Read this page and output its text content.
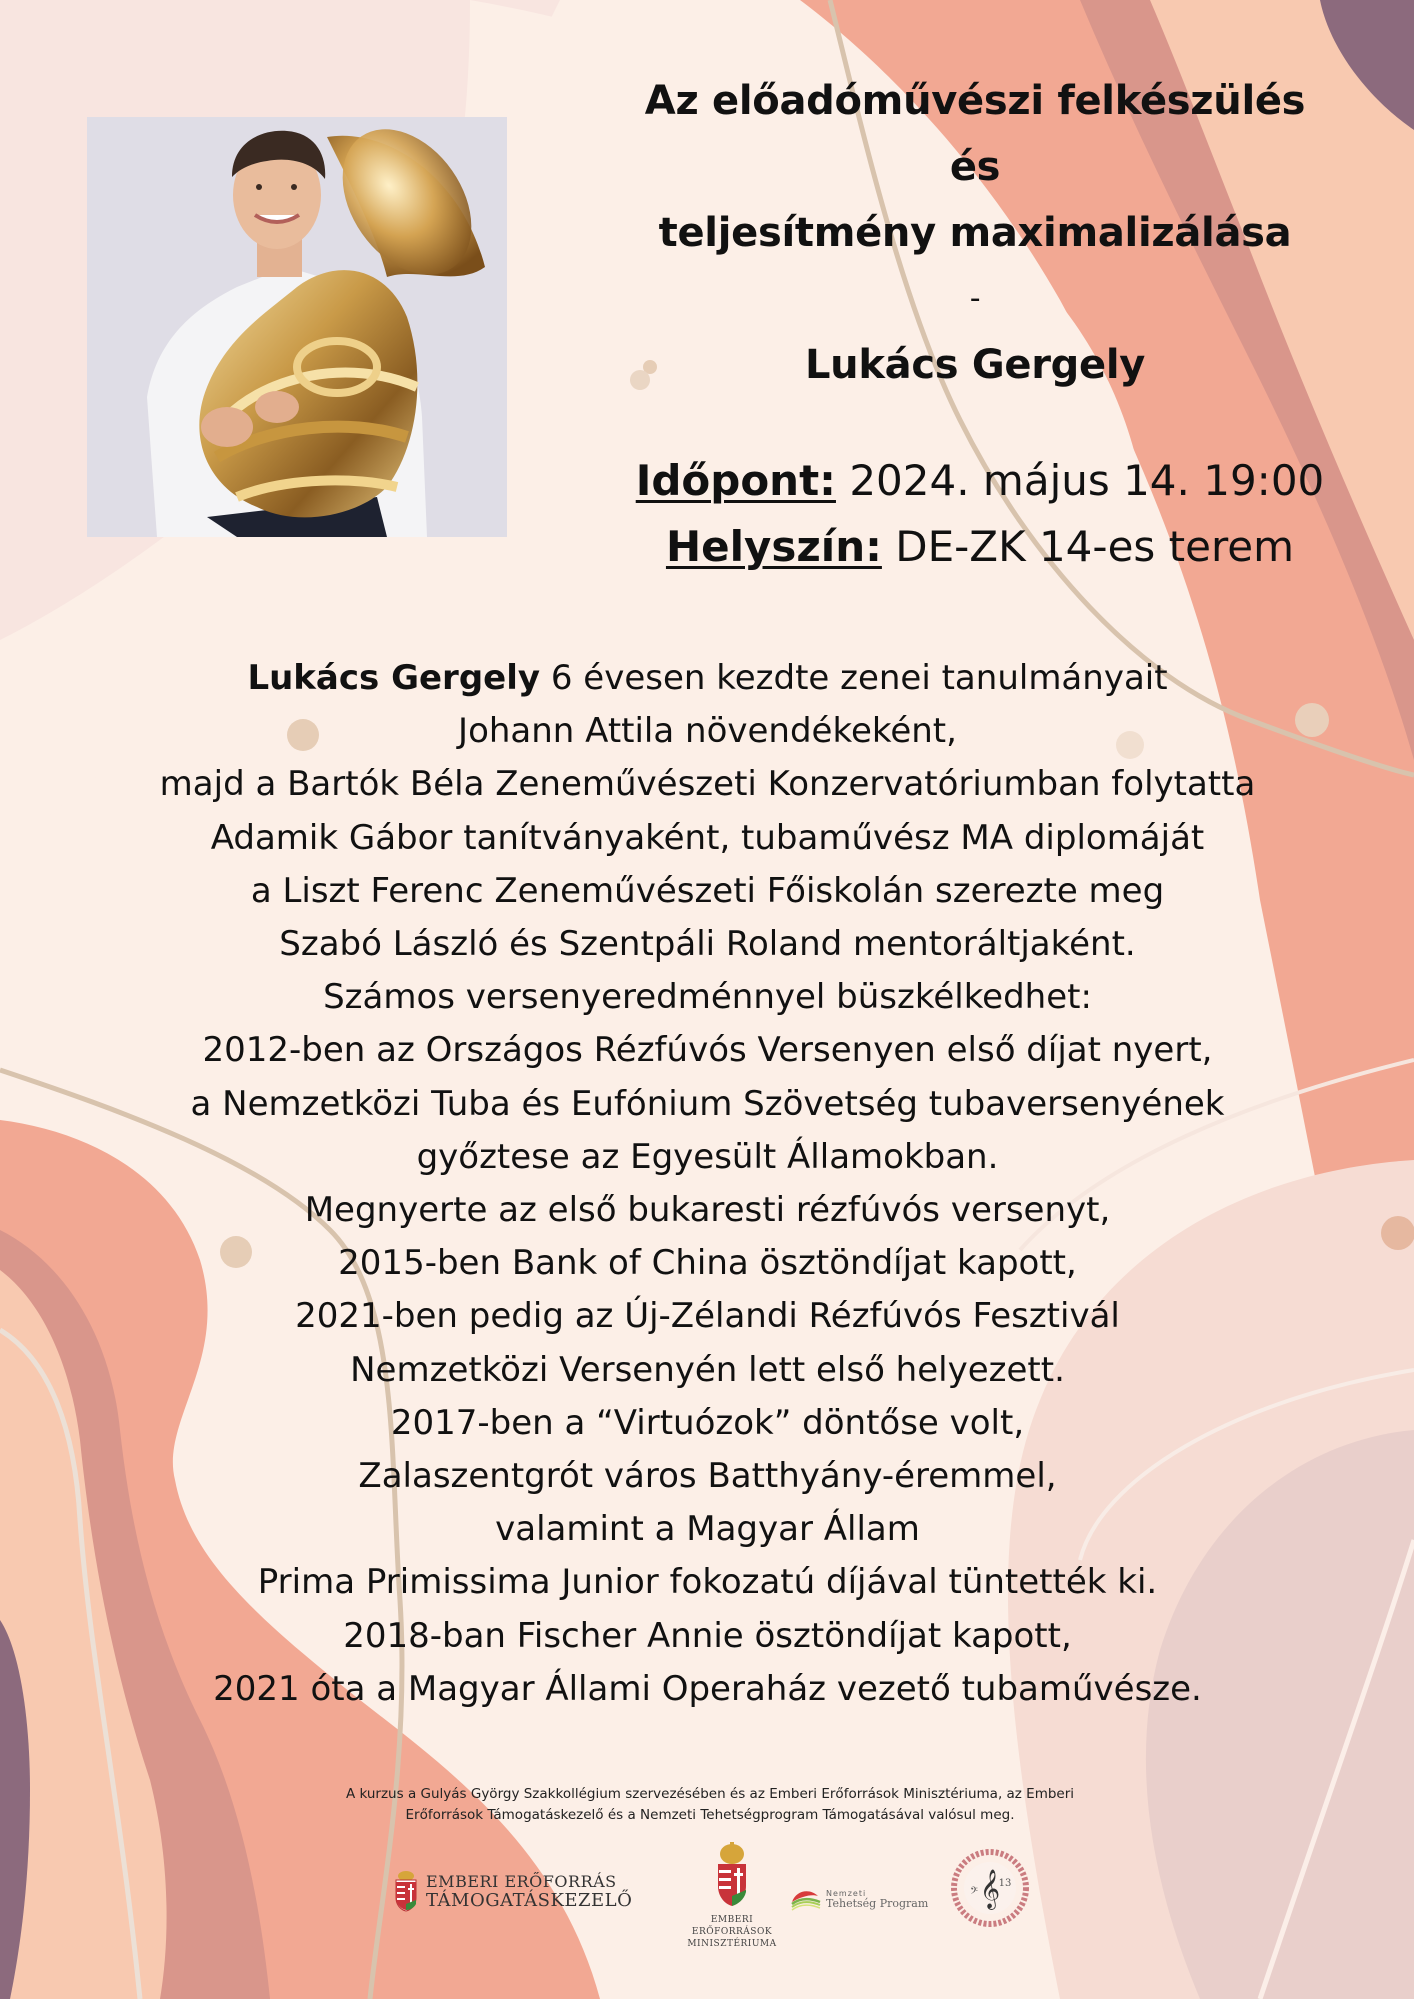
Az előadóművészi felkészülés
és
teljesítmény maximalizálása
-
Lukács Gergely
Időpont: 2024. május 14. 19:00
Helyszín: DE-ZK 14-es terem
Lukács Gergely 6 évesen kezdte zenei tanulmányait
Johann Attila növendékeként,
majd a Bartók Béla Zeneművészeti Konzervatóriumban folytatta
Adamik Gábor tanítványaként, tubaművész MA diplomáját
a Liszt Ferenc Zeneművészeti Főiskolán szerezte meg
Szabó László és Szentpáli Roland mentoráltjaként.
Számos versenyeredménnyel büszkélkedhet:
2012-ben az Országos Rézfúvós Versenyen első díjat nyert,
a Nemzetközi Tuba és Eufónium Szövetség tubaversenyének
győztese az Egyesült Államokban.
Megnyerte az első bukaresti rézfúvós versenyt,
2015-ben Bank of China ösztöndíjat kapott,
2021-ben pedig az Új-Zélandi Rézfúvós Fesztivál
Nemzetközi Versenyén lett első helyezett.
2017-ben a “Virtuózok” döntőse volt,
Zalaszentgrót város Batthyány-éremmel,
valamint a Magyar Állam
Prima Primissima Junior fokozatú díjával tüntették ki.
2018-ban Fischer Annie ösztöndíjat kapott,
2021 óta a Magyar Állami Operaház vezető tubaművésze.
A kurzus a Gulyás György Szakkollégium szervezésében és az Emberi Erőforrások Minisztériuma, az Emberi
Erőforrások Támogatáskezelő és a Nemzeti Tehetségprogram Támogatásával valósul meg.
EMBERI ERŐFORRÁS
TÁMOGATÁSKEZELŐ
EMBERI ERŐFORRÁSOK
MINISZTÉRIUMA
Nemzeti
Tehetség Program 𝄞
𝄢
13
